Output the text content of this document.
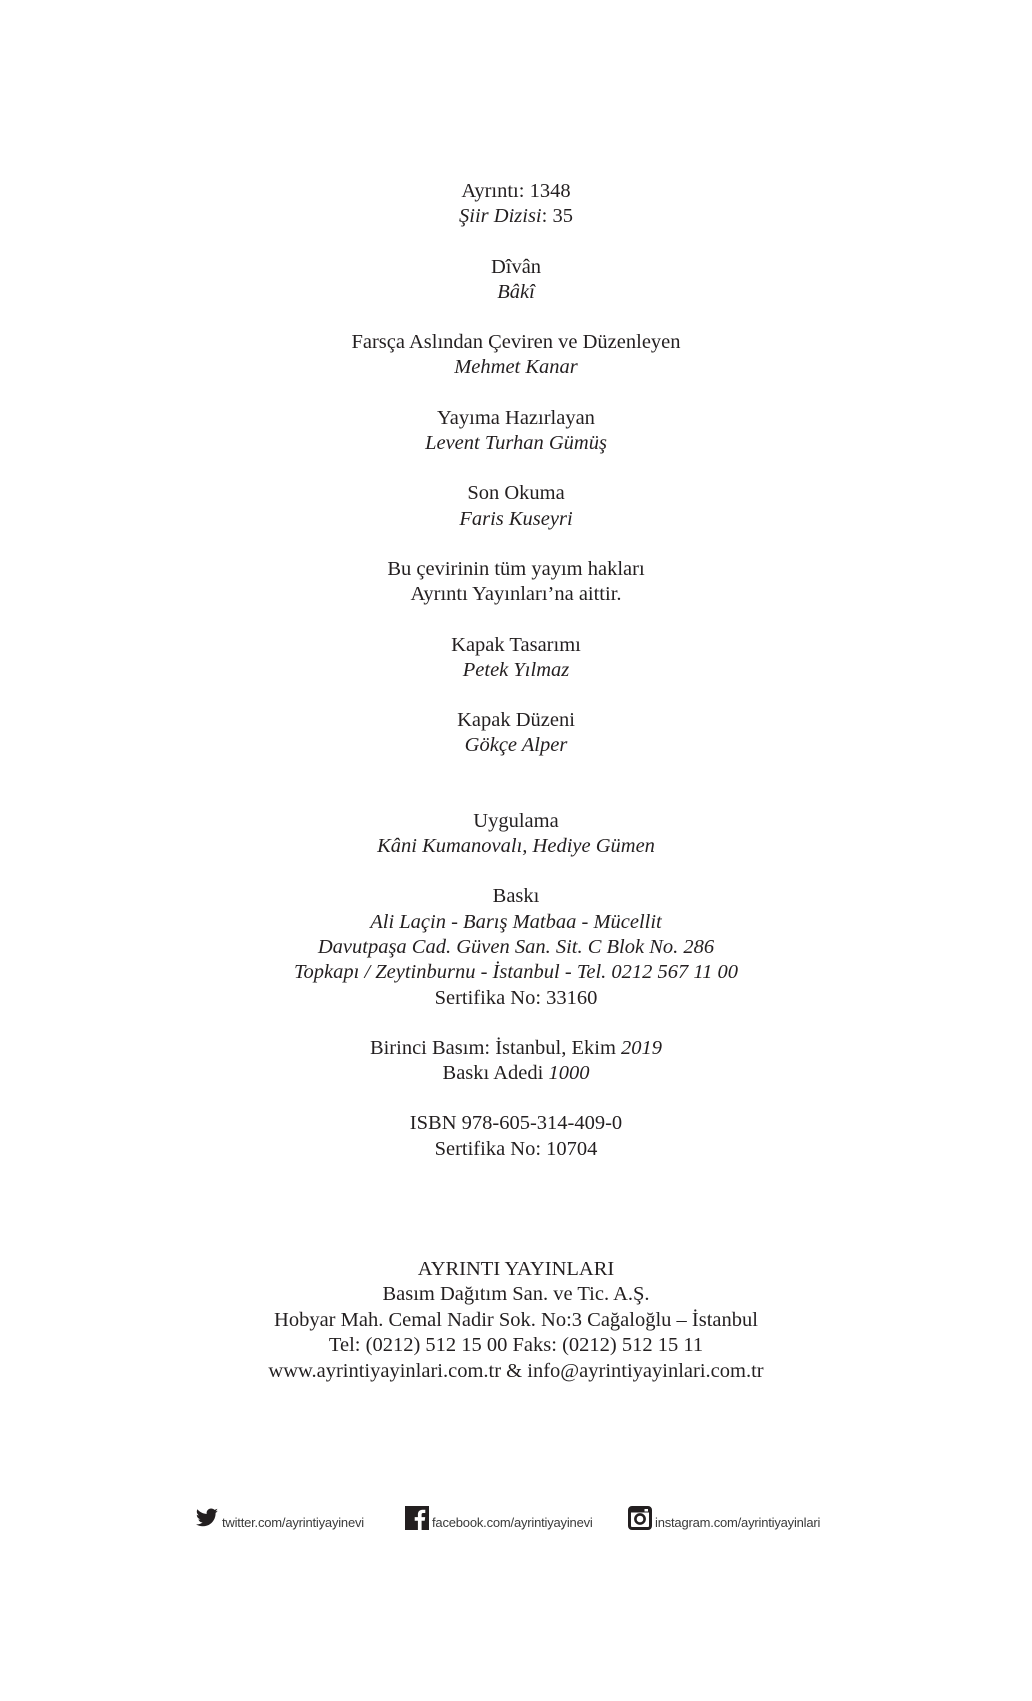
Ayrıntı: 1348
Şiir Dizisi: 35
Dîvân
Bâkî
Farsça Aslından Çeviren ve Düzenleyen
Mehmet Kanar
Yayıma Hazırlayan
Levent Turhan Gümüş
Son Okuma
Faris Kuseyri
Bu çevirinin tüm yayım hakları
Ayrıntı Yayınları’na aittir.
Kapak Tasarımı
Petek Yılmaz
Kapak Düzeni
Gökçe Alper
Uygulama
Kâni Kumanovalı, Hediye Gümen
Baskı
Ali Laçin - Barış Matbaa - Mücellit
Davutpaşa Cad. Güven San. Sit. C Blok No. 286
Topkapı / Zeytinburnu - İstanbul - Tel. 0212 567 11 00
Sertifika No: 33160
Birinci Basım: İstanbul, Ekim 2019
Baskı Adedi 1000
ISBN 978-605-314-409-0
Sertifika No: 10704
AYRINTI YAYINLARI
Basım Dağıtım San. ve Tic. A.Ş.
Hobyar Mah. Cemal Nadir Sok. No:3 Cağaloğlu – İstanbul
Tel: (0212) 512 15 00 Faks: (0212) 512 15 11
www.ayrintiyayinlari.com.tr & info@ayrintiyayinlari.com.tr
twitter.com/ayrintiyayinevi	facebook.com/ayrintiyayinevi	instagram.com/ayrintiyayinlari
